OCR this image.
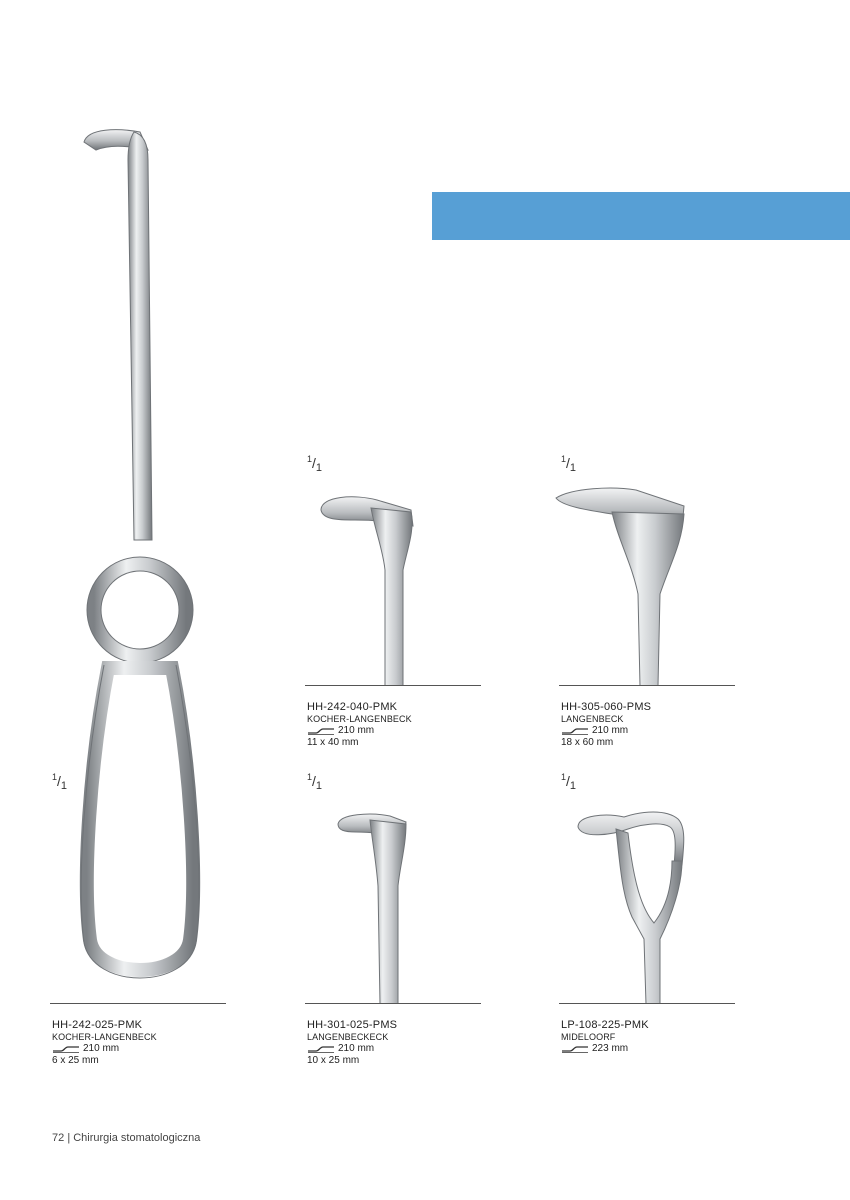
$^1/_1$
HH-242-025-PMK
KOCHER-LANGENBECK
210 mm
6 x 25 mm
$^1/_1$
HH-242-040-PMK
KOCHER-LANGENBECK
210 mm
11 x 40 mm
$^1/_1$
HH-305-060-PMS
LANGENBECK
210 mm
18 x 60 mm
$^1/_1$
HH-301-025-PMS
LANGENBECKECK
210 mm
10 x 25 mm
$^1/_1$
LP-108-225-PMK
MIDELOORF
223 mm
72 | Chirurgia stomatologiczna
